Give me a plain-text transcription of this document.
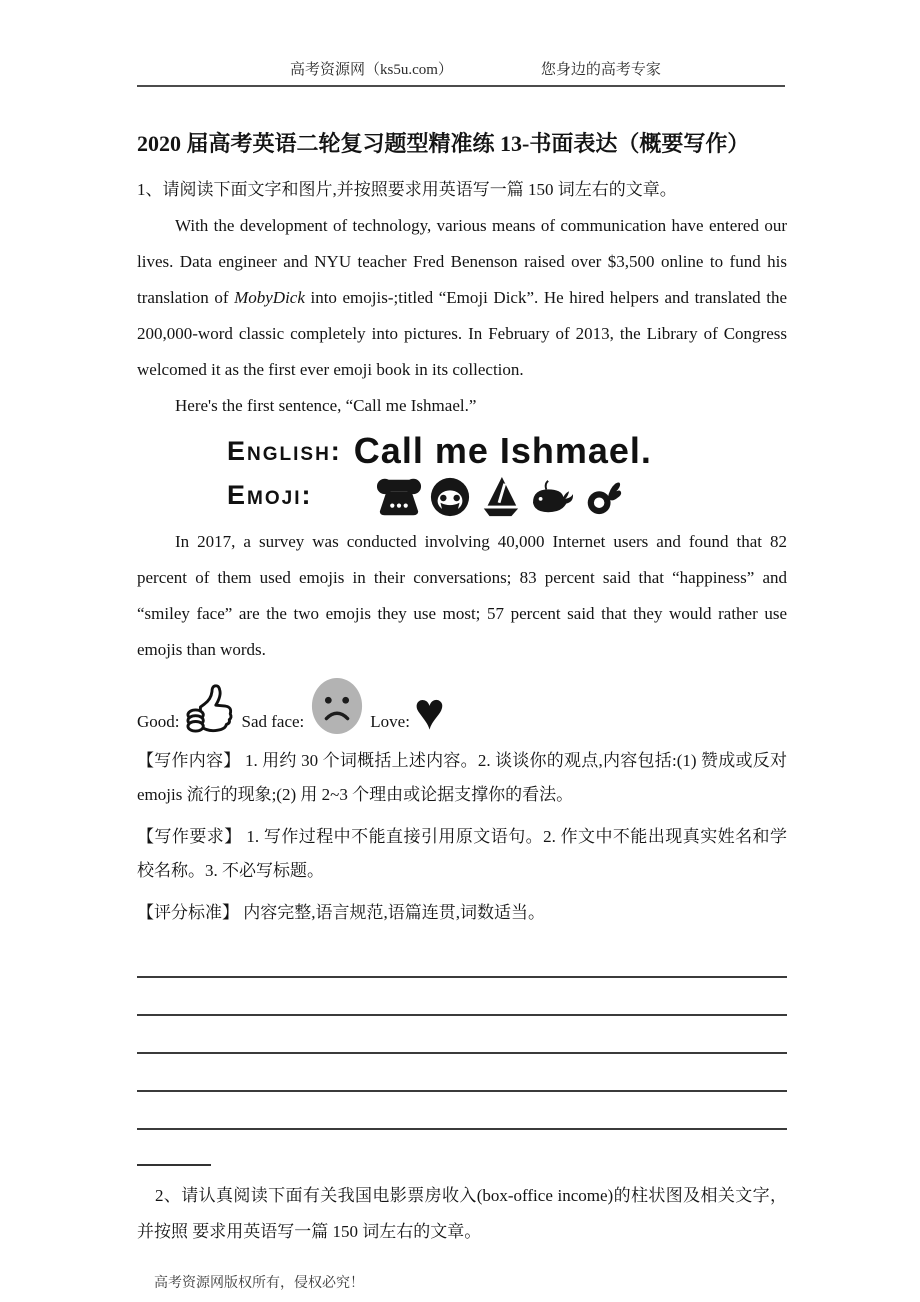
高考资源网（ks5u.com）	您身边的高考专家
2020 届高考英语二轮复习题型精准练 13-书面表达（概要写作）
1、请阅读下面文字和图片,并按照要求用英语写一篇 150 词左右的文章。

With the development of technology, various means of communication have entered our lives. Data engineer and NYU teacher Fred Benenson raised over $3,500 online to fund his translation of MobyDick into emojis-;titled “Emoji Dick”. He hired helpers and translated the 200,000-word classic completely into pictures. In February of 2013, the Library of Congress welcomed it as the first ever emoji book in its collection.

Here's the first sentence, “Call me Ishmael.”

English: Call me Ishmael.
Emoji:

In 2017, a survey was conducted involving 40,000 Internet users and found that 82 percent of them used emojis in their conversations; 83 percent said that “happiness” and “smiley face” are the two emojis they use most; 57 percent said that they would rather use emojis than words.

Good:	Sad face:	Love: ♥

【写作内容】 1. 用约 30 个词概括上述内容。2. 谈谈你的观点,内容包括:(1) 赞成或反对 emojis 流行的现象;(2) 用 2~3 个理由或论据支撑你的看法。

【写作要求】 1. 写作过程中不能直接引用原文语句。2. 作文中不能出现真实姓名和学校名称。3. 不必写标题。

【评分标准】 内容完整,语言规范,语篇连贯,词数适当。

2、请认真阅读下面有关我国电影票房收入(box-office income)的柱状图及相关文字，并按照 要求用英语写一篇 150 词左右的文章。

高考资源网版权所有，侵权必究！
